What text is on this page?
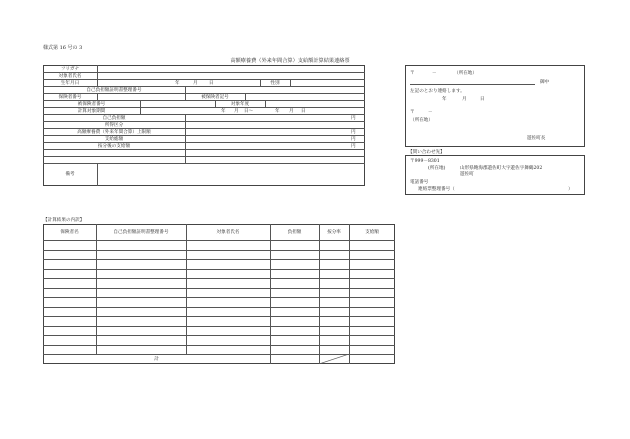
様式第 16 号の 3
高額療養費（外来年間合算）支給額計算結果連絡票
フリガナ
対象者氏名
生年月日	年	月 日	性別
自己負担額証明書整理番号
保険者番号	被保険者記号
被保険者番号	対象年度
計算対象期間	年 月 日〜	年 月 日
自己負担額	円
所得区分
高額療養費（外来年間合算）上限額	円
支給総額	円
按分後の支給額	円
備考
〒	－	（所在地）
御中
左記のとおり連絡します。
年	月	日
〒	－
（所在地）
遊佐町長
【問い合わせ先】
〒999－8301
(所在地)	山形県飽海郡遊佐町大字遊佐字舞鶴202
遊佐町
電話番号
連絡票整理番号（	）
【計算結果の内訳】
保険者名	自己負担額証明書整理番号	対象者氏名	負担額	按分率	支給額
計
